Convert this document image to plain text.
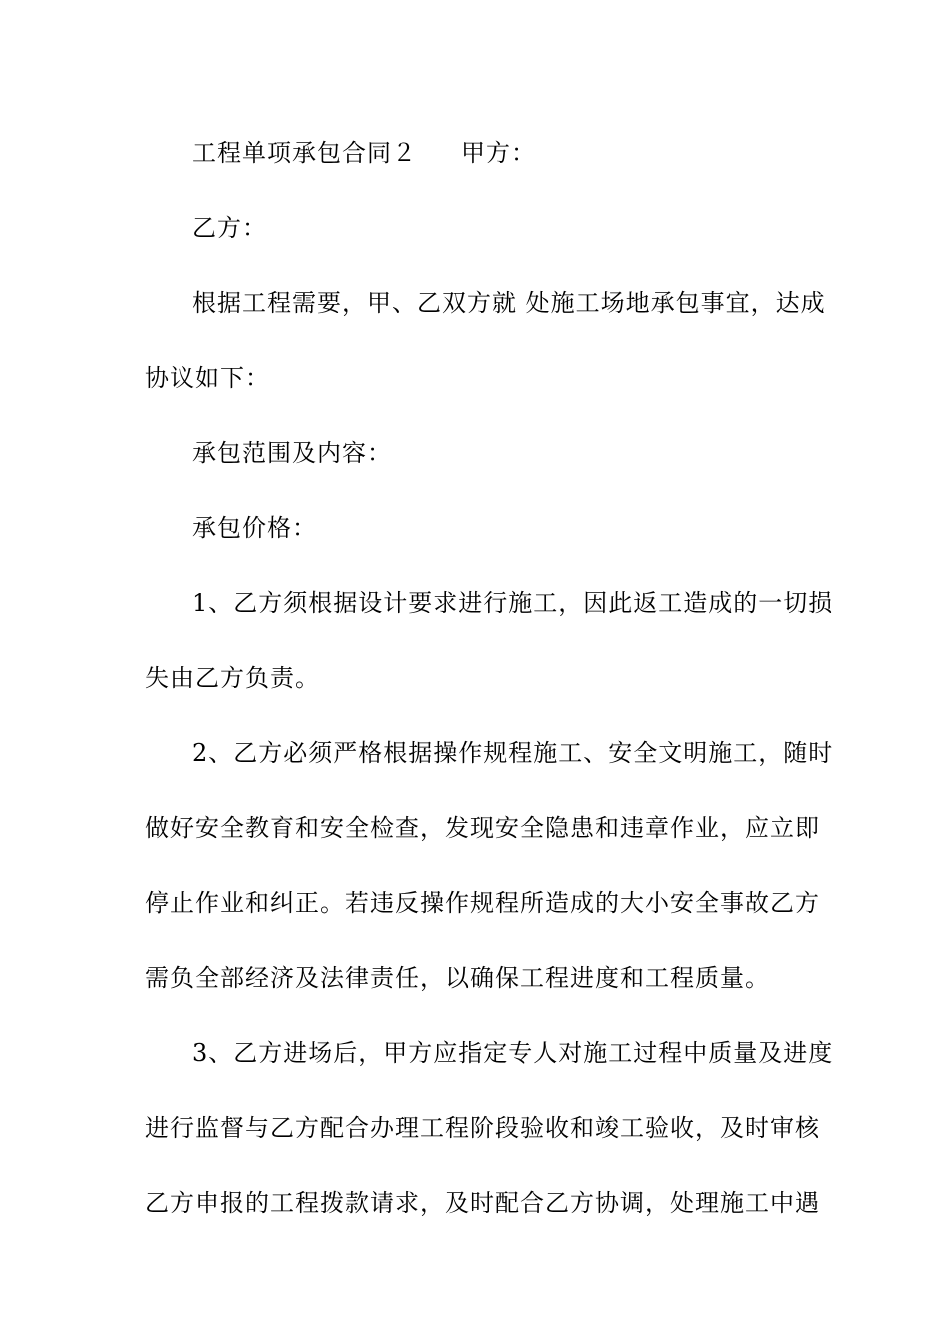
工程单项承包合同２ 甲方：
乙方：
根据工程需要，甲、乙双方就 处施工场地承包事宜，达成
协议如下：
承包范围及内容：
承包价格：
1、乙方须根据设计要求进行施工，因此返工造成的一切损
失由乙方负责。
2、乙方必须严格根据操作规程施工、安全文明施工，随时
做好安全教育和安全检查，发现安全隐患和违章作业，应立即
停止作业和纠正。若违反操作规程所造成的大小安全事故乙方
需负全部经济及法律责任，以确保工程进度和工程质量。
3、乙方进场后，甲方应指定专人对施工过程中质量及进度
进行监督与乙方配合办理工程阶段验收和竣工验收，及时审核
乙方申报的工程拨款请求，及时配合乙方协调，处理施工中遇
